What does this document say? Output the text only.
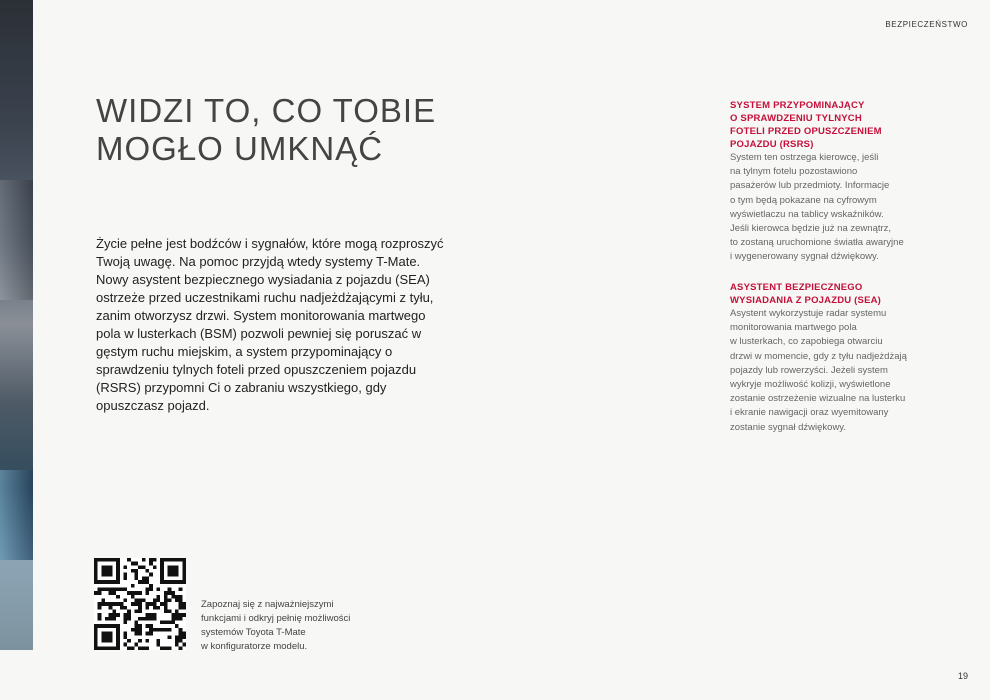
BEZPIECZEŃSTWO
WIDZI TO, CO TOBIE
MOGŁO UMKNĄĆ

Życie pełne jest bodźców i sygnałów, które mogą rozproszyć Twoją uwagę. Na pomoc przyjdą wtedy systemy T-Mate. Nowy asystent bezpiecznego wysiadania z pojazdu (SEA) ostrzeże przed uczestnikami ruchu nadjeżdżającymi z tyłu, zanim otworzysz drzwi. System monitorowania martwego pola w lusterkach (BSM) pozwoli pewniej się poruszać w gęstym ruchu miejskim, a system przypominający o sprawdzeniu tylnych foteli przed opuszczeniem pojazdu (RSRS) przypomni Ci o zabraniu wszystkiego, gdy opuszczasz pojazd.

SYSTEM PRZYPOMINAJĄCY
O SPRAWDZENIU TYLNYCH
FOTELI PRZED OPUSZCZENIEM
POJAZDU (RSRS)

System ten ostrzega kierowcę, jeśli
na tylnym fotelu pozostawiono
pasażerów lub przedmioty. Informacje
o tym będą pokazane na cyfrowym
wyświetlaczu na tablicy wskaźników.
Jeśli kierowca będzie już na zewnątrz,
to zostaną uruchomione światła awaryjne
i wygenerowany sygnał dźwiękowy.

ASYSTENT BEZPIECZNEGO
WYSIADANIA Z POJAZDU (SEA)

Asystent wykorzystuje radar systemu
monitorowania martwego pola
w lusterkach, co zapobiega otwarciu
drzwi w momencie, gdy z tyłu nadjeżdżają
pojazdy lub rowerzyści. Jeżeli system
wykryje możliwość kolizji, wyświetlone
zostanie ostrzeżenie wizualne na lusterku
i ekranie nawigacji oraz wyemitowany
zostanie sygnał dźwiękowy.

Zapoznaj się z najważniejszymi
funkcjami i odkryj pełnię możliwości
systemów Toyota T-Mate
w konfiguratorze modelu.

19
